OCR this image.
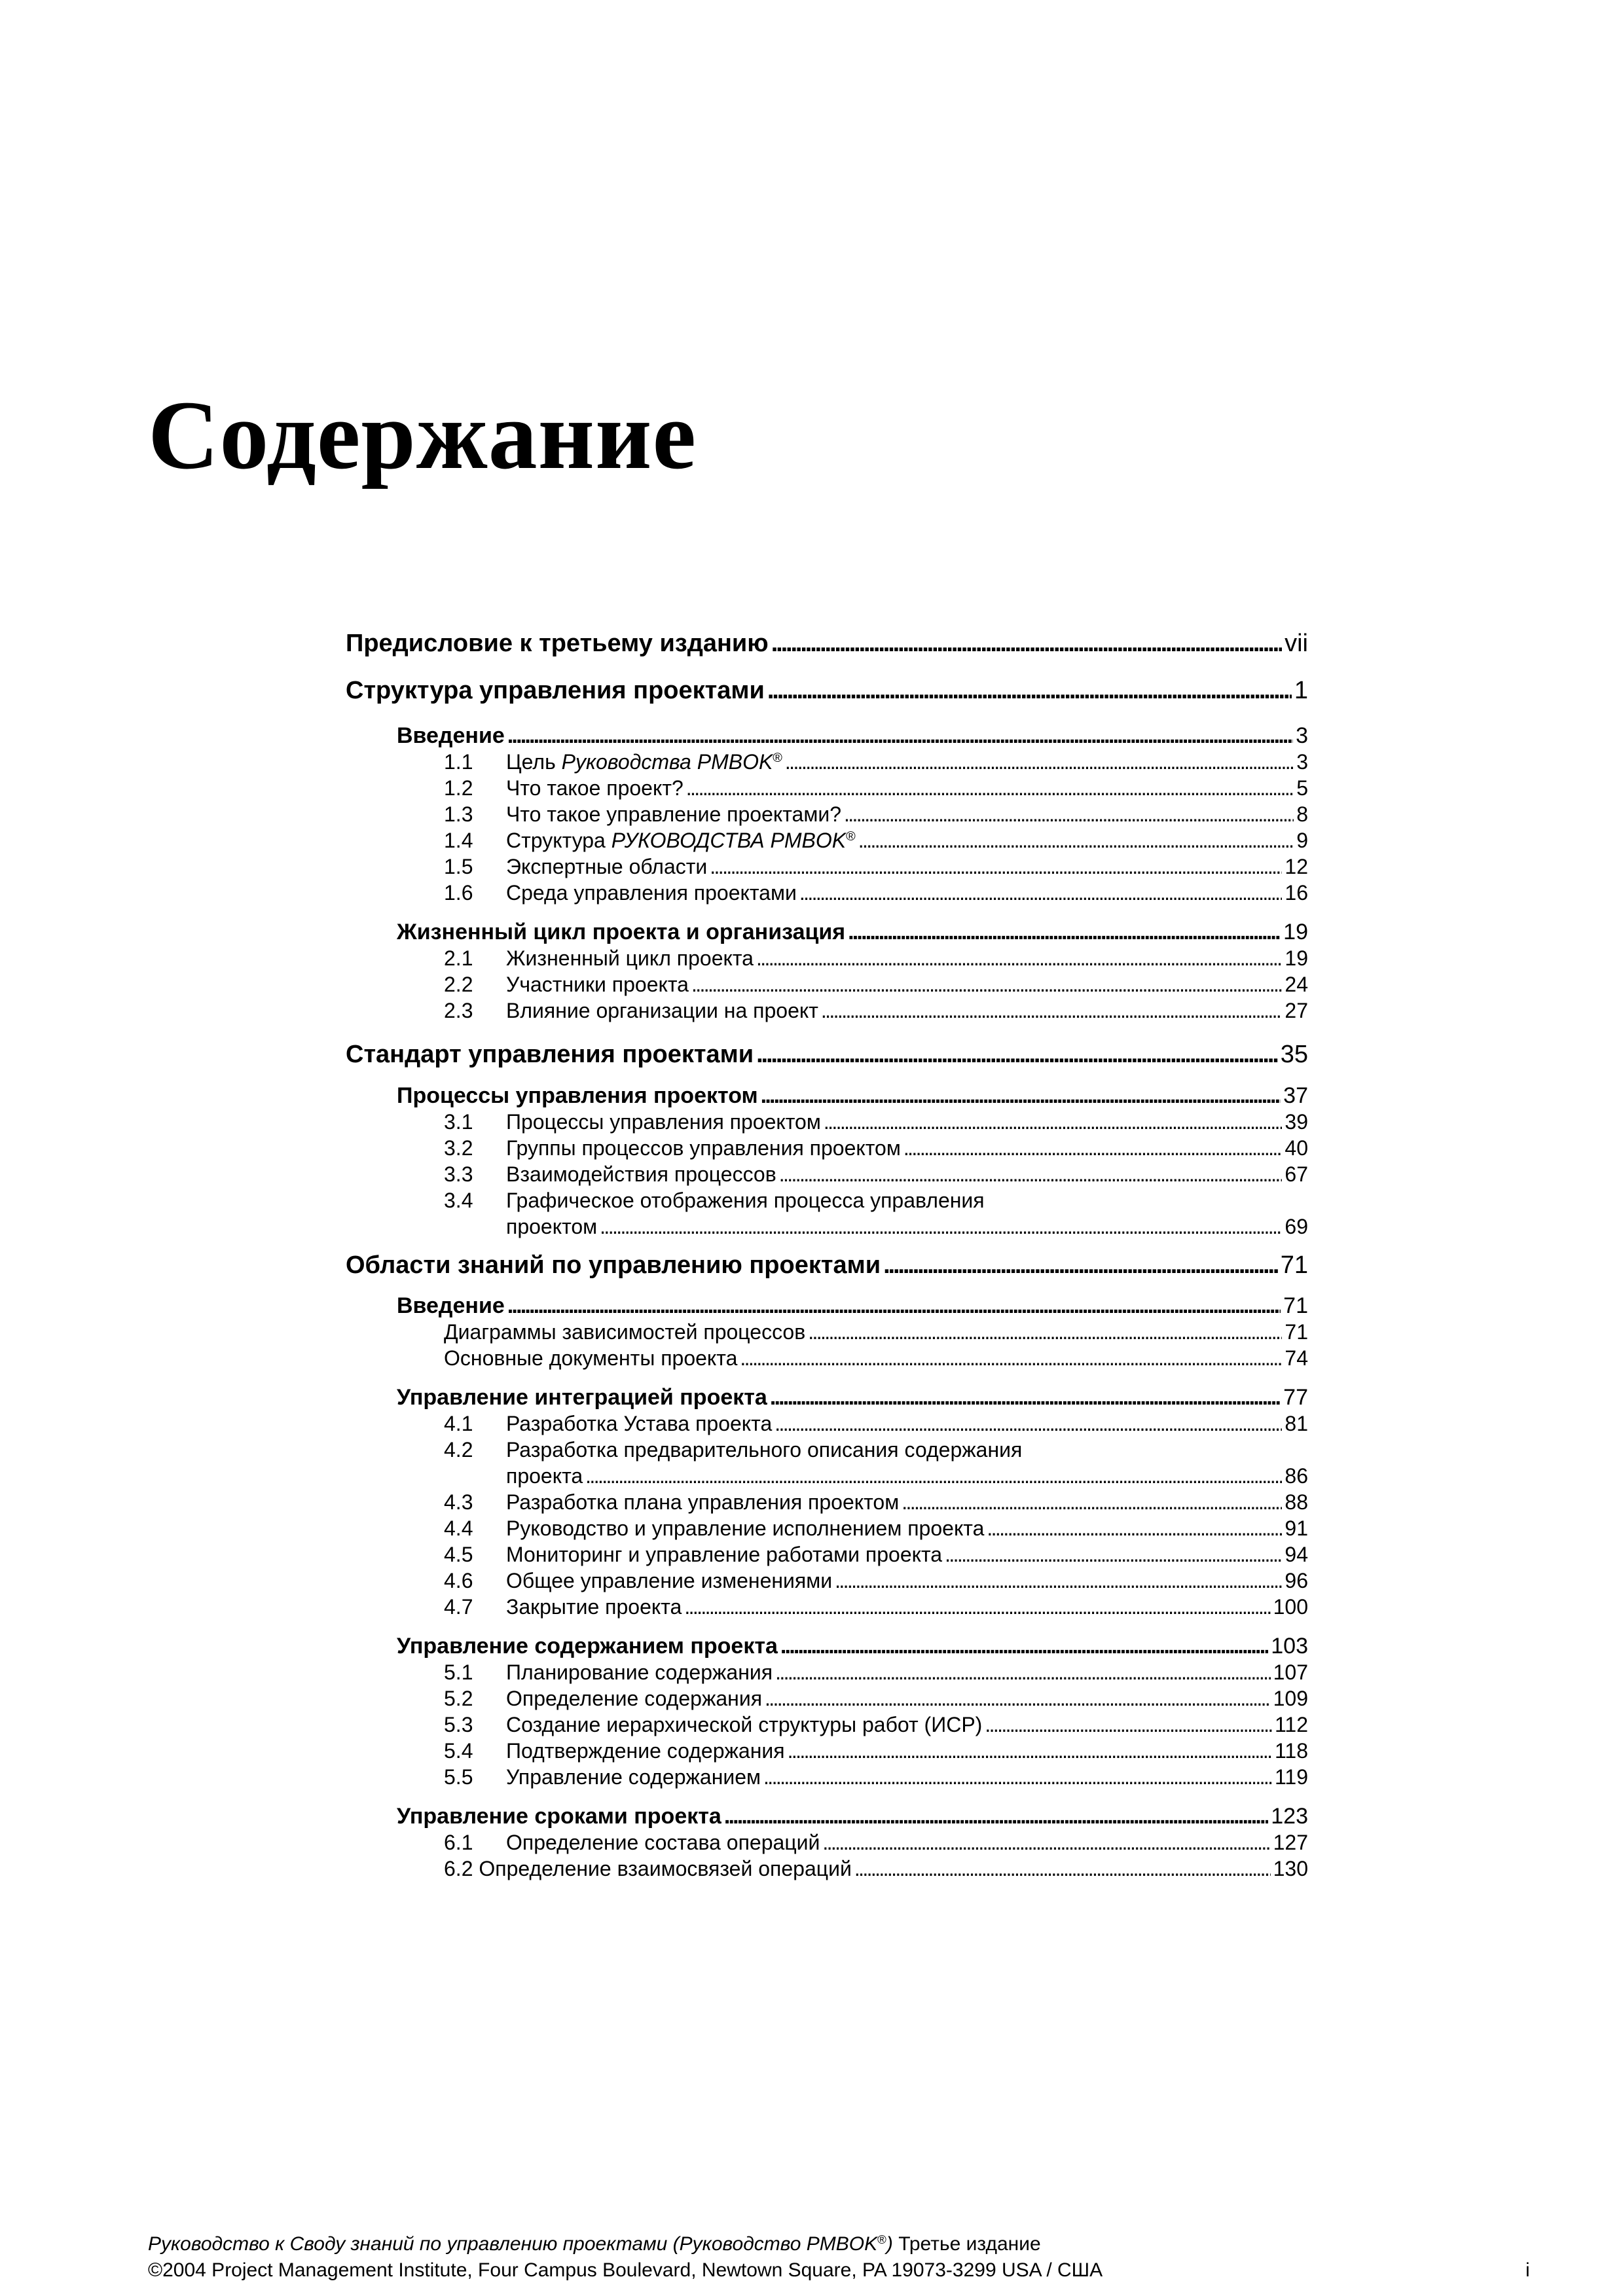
Содержание
Предисловие к третьему изданию . . .	vii
Структура управления проектами . . .	1
Введение . . .	3
1.1 Цель Руководства PMBOK® . . .	3
1.2 Что такое проект? . . .	5
1.3 Что такое управление проектами? . . .	8
1.4 Структура РУКОВОДСТВА PMBOK® . . .	9
1.5 Экспертные области . . .	12
1.6 Среда управления проектами . . .	16
Жизненный цикл проекта и организация . . .	19
2.1 Жизненный цикл проекта . . .	19
2.2 Участники проекта . . .	24
2.3 Влияние организации на проект . . .	27
Стандарт управления проектами . . .	35
Процессы управления проектом . . .	37
3.1 Процессы управления проектом . . .	39
3.2 Группы процессов управления проектом . . .	40
3.3 Взаимодействия процессов . . .	67
3.4 Графическое отображения процесса управления
проектом . . .	69
Области знаний по управлению проектами . . .	71
Введение . . .	71
Диаграммы зависимостей процессов . . .	71
Основные документы проекта . . .	74
Управление интеграцией проекта . . .	77
4.1 Разработка Устава проекта . . .	81
4.2 Разработка предварительного описания содержания
проекта . . .	86
4.3 Разработка плана управления проектом . . .	88
4.4 Руководство и управление исполнением проекта . . .	91
4.5 Мониторинг и управление работами проекта . . .	94
4.6 Общее управление изменениями . . .	96
4.7 Закрытие проекта . . .	100
Управление содержанием проекта . . .	103
5.1 Планирование содержания . . .	107
5.2 Определение содержания . . .	109
5.3 Создание иерархической структуры работ (ИСР) . . .	112
5.4 Подтверждение содержания . . .	118
5.5 Управление содержанием . . .	119
Управление сроками проекта . . .	123
6.1 Определение состава операций . . .	127
6.2 Определение взаимосвязей операций . . .	130
Руководство к Своду знаний по управлению проектами (Руководство PMBOK®) Третье издание
©2004 Project Management Institute, Four Campus Boulevard, Newtown Square, PA 19073-3299 USA / США	i
